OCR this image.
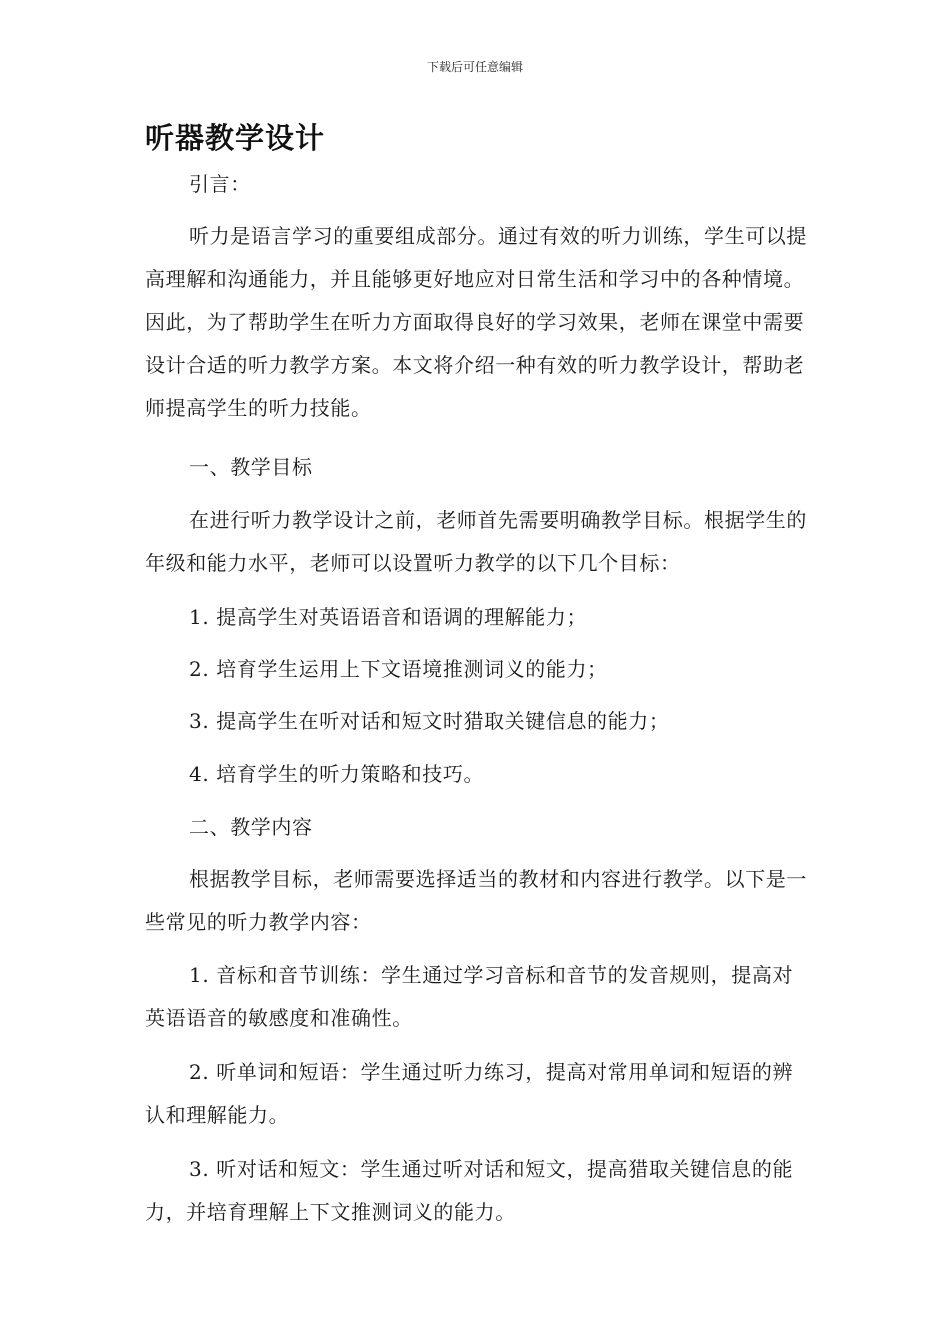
下载后可任意编辑
听器教学设计

引言：

听力是语言学习的重要组成部分。通过有效的听力训练，学生可以提高理解和沟通能力，并且能够更好地应对日常生活和学习中的各种情境。因此，为了帮助学生在听力方面取得良好的学习效果，老师在课堂中需要设计合适的听力教学方案。本文将介绍一种有效的听力教学设计，帮助老师提高学生的听力技能。

一、教学目标

在进行听力教学设计之前，老师首先需要明确教学目标。根据学生的年级和能力水平，老师可以设置听力教学的以下几个目标：

1. 提高学生对英语语音和语调的理解能力；

2. 培育学生运用上下文语境推测词义的能力；

3. 提高学生在听对话和短文时猎取关键信息的能力；

4. 培育学生的听力策略和技巧。

二、教学内容

根据教学目标，老师需要选择适当的教材和内容进行教学。以下是一些常见的听力教学内容：

1. 音标和音节训练：学生通过学习音标和音节的发音规则，提高对英语语音的敏感度和准确性。

2. 听单词和短语：学生通过听力练习，提高对常用单词和短语的辨认和理解能力。

3. 听对话和短文：学生通过听对话和短文，提高猎取关键信息的能力，并培育理解上下文推测词义的能力。
